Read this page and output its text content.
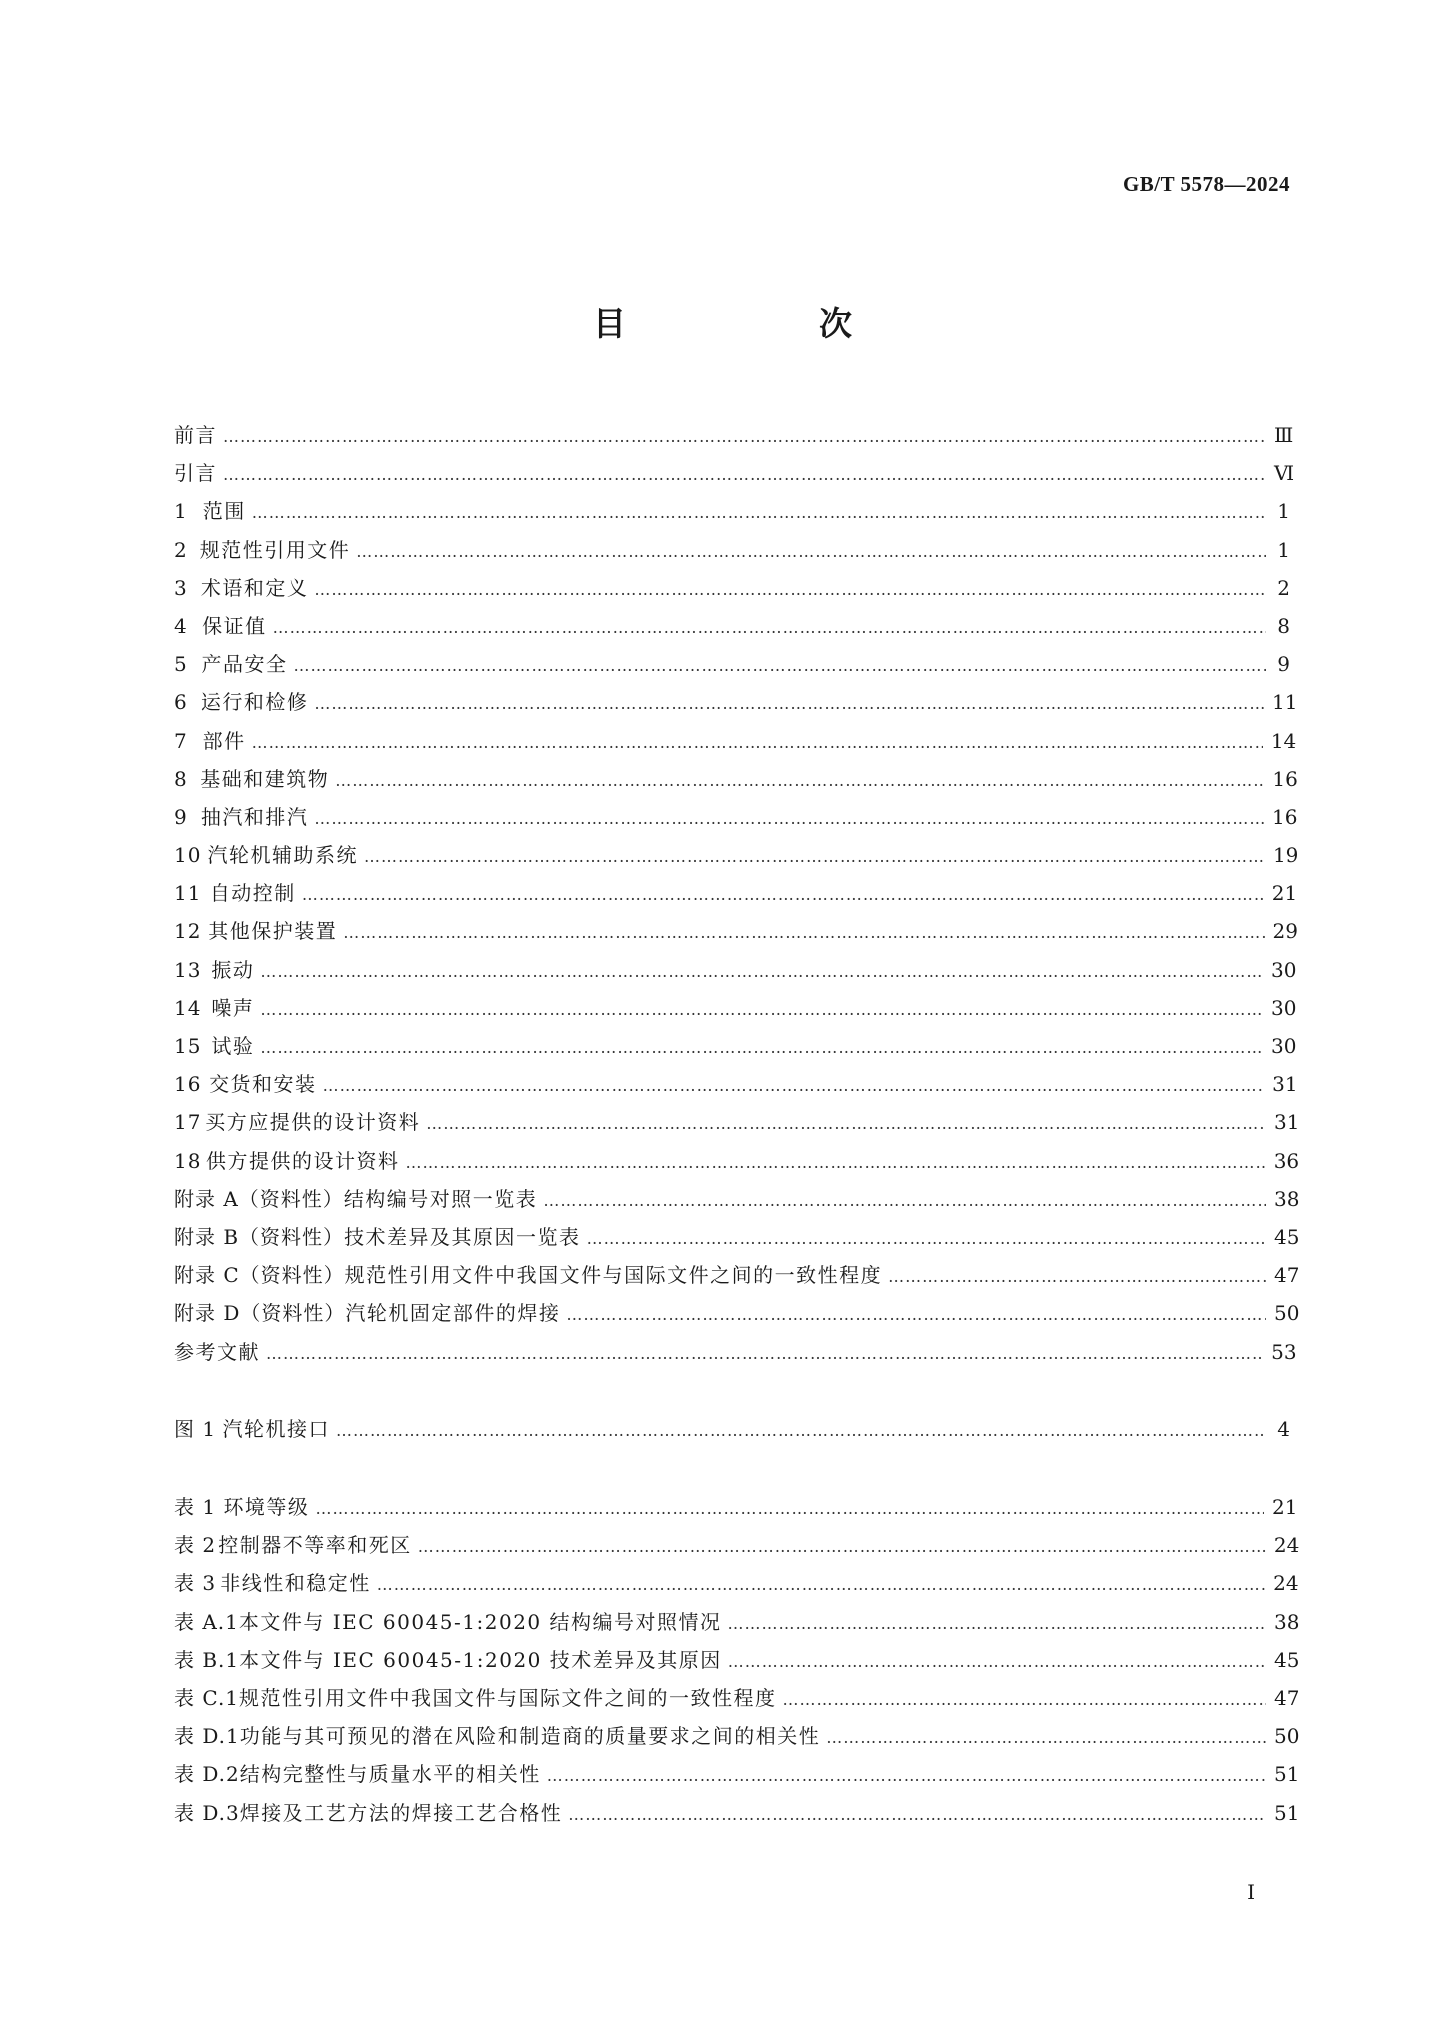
GB/T 5578—2024
目　次
前言 …………………………………………………………………………………………………………………………………………………………………………………………………………………	Ⅲ
引言 …………………………………………………………………………………………………………………………………………………………………………………………………………………	Ⅵ
1 范围 …………………………………………………………………………………………………………………………………………………………………………………………………………………	1
2 规范性引用文件 …………………………………………………………………………………………………………………………………………………………………………………………………………………	1
3 术语和定义 …………………………………………………………………………………………………………………………………………………………………………………………………………………	2
4 保证值 …………………………………………………………………………………………………………………………………………………………………………………………………………………	8
5 产品安全 …………………………………………………………………………………………………………………………………………………………………………………………………………………	9
6 运行和检修 …………………………………………………………………………………………………………………………………………………………………………………………………………………	11
7 部件 …………………………………………………………………………………………………………………………………………………………………………………………………………………	14
8 基础和建筑物 …………………………………………………………………………………………………………………………………………………………………………………………………………………	16
9 抽汽和排汽 …………………………………………………………………………………………………………………………………………………………………………………………………………………	16
10 汽轮机辅助系统 …………………………………………………………………………………………………………………………………………………………………………………………………………………	19
11 自动控制 …………………………………………………………………………………………………………………………………………………………………………………………………………………	21
12 其他保护装置 …………………………………………………………………………………………………………………………………………………………………………………………………………………	29
13 振动 …………………………………………………………………………………………………………………………………………………………………………………………………………………	30
14 噪声 …………………………………………………………………………………………………………………………………………………………………………………………………………………	30
15 试验 …………………………………………………………………………………………………………………………………………………………………………………………………………………	30
16 交货和安装 …………………………………………………………………………………………………………………………………………………………………………………………………………………	31
17 买方应提供的设计资料 …………………………………………………………………………………………………………………………………………………………………………………………………………………	31
18 供方提供的设计资料 …………………………………………………………………………………………………………………………………………………………………………………………………………………	36
附录 A（资料性） 结构编号对照一览表 …………………………………………………………………………………………………………………………………………………………………………………………………………………	38
附录 B（资料性） 技术差异及其原因一览表 …………………………………………………………………………………………………………………………………………………………………………………………………………………	45
附录 C（资料性） 规范性引用文件中我国文件与国际文件之间的一致性程度 …………………………………………………………………………………………………………………………………………………………………………………………………………………	47
附录 D（资料性） 汽轮机固定部件的焊接 …………………………………………………………………………………………………………………………………………………………………………………………………………………	50
参考文献 …………………………………………………………………………………………………………………………………………………………………………………………………………………	53
图 1 汽轮机接口 …………………………………………………………………………………………………………………………………………………………………………………………………………………	4
表 1 环境等级 …………………………………………………………………………………………………………………………………………………………………………………………………………………	21
表 2 控制器不等率和死区 …………………………………………………………………………………………………………………………………………………………………………………………………………………	24
表 3 非线性和稳定性 …………………………………………………………………………………………………………………………………………………………………………………………………………………	24
表 A.1 本文件与 IEC 60045-1:2020 结构编号对照情况 …………………………………………………………………………………………………………………………………………………………………………………………………………………	38
表 B.1 本文件与 IEC 60045-1:2020 技术差异及其原因 …………………………………………………………………………………………………………………………………………………………………………………………………………………	45
表 C.1 规范性引用文件中我国文件与国际文件之间的一致性程度 …………………………………………………………………………………………………………………………………………………………………………………………………………………	47
表 D.1 功能与其可预见的潜在风险和制造商的质量要求之间的相关性 …………………………………………………………………………………………………………………………………………………………………………………………………………………	50
表 D.2 结构完整性与质量水平的相关性 …………………………………………………………………………………………………………………………………………………………………………………………………………………	51
表 D.3 焊接及工艺方法的焊接工艺合格性 …………………………………………………………………………………………………………………………………………………………………………………………………………………	51
I
